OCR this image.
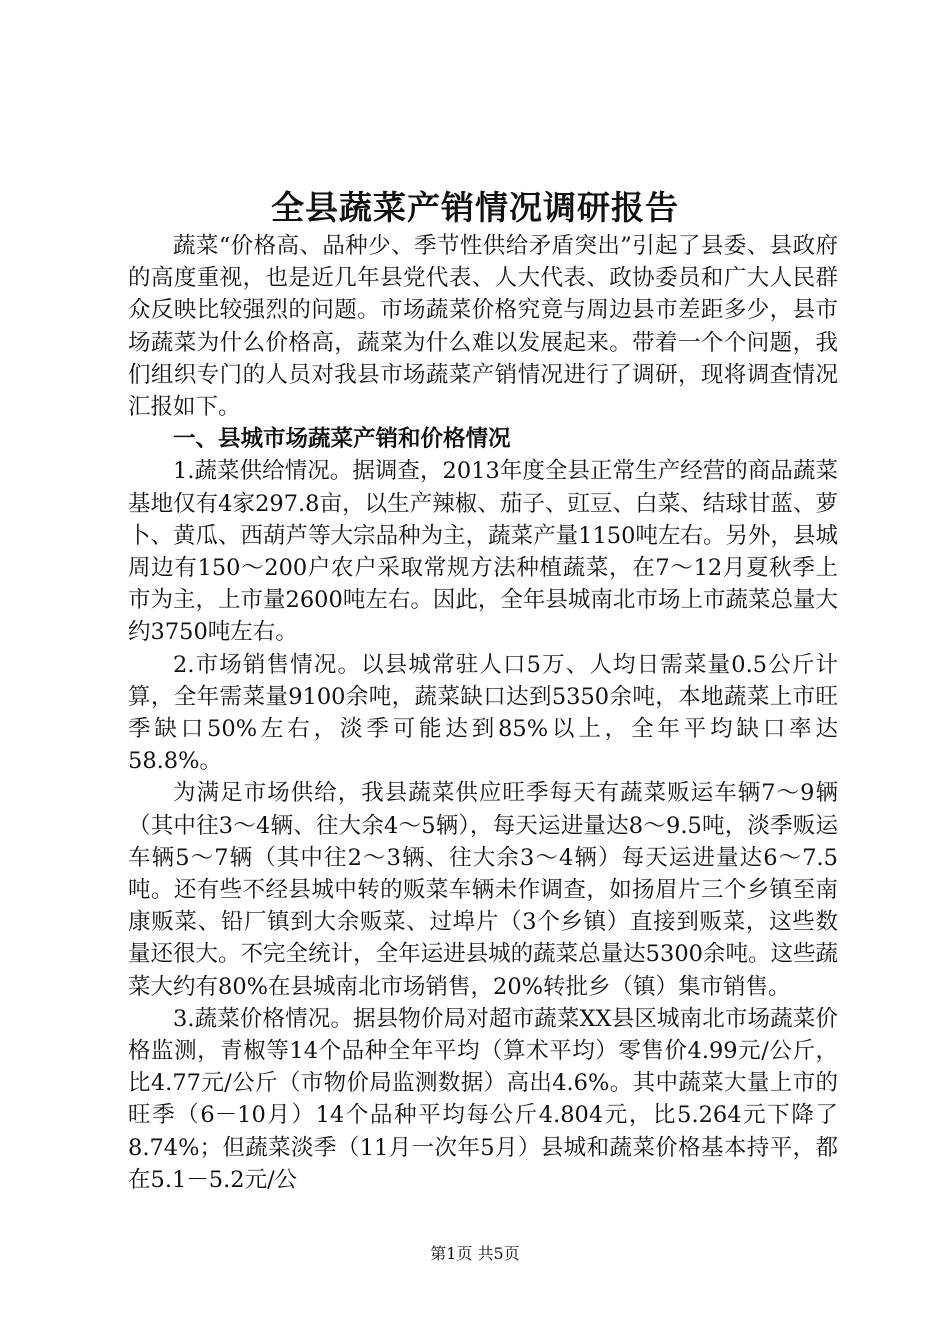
全县蔬菜产销情况调研报告

蔬菜“价格高、品种少、季节性供给矛盾突出”引起了县委、县政府的高度重视，也是近几年县党代表、人大代表、政协委员和广大人民群众反映比较强烈的问题。市场蔬菜价格究竟与周边县市差距多少，县市场蔬菜为什么价格高，蔬菜为什么难以发展起来。带着一个个问题，我们组织专门的人员对我县市场蔬菜产销情况进行了调研，现将调查情况汇报如下。

一、县城市场蔬菜产销和价格情况

1.蔬菜供给情况。据调查，2013年度全县正常生产经营的商品蔬菜基地仅有4家297.8亩，以生产辣椒、茄子、豇豆、白菜、结球甘蓝、萝卜、黄瓜、西葫芦等大宗品种为主，蔬菜产量1150吨左右。另外，县城周边有150～200户农户采取常规方法种植蔬菜，在7～12月夏秋季上市为主，上市量2600吨左右。因此，全年县城南北市场上市蔬菜总量大约3750吨左右。

2.市场销售情况。以县城常驻人口5万、人均日需菜量0.5公斤计算，全年需菜量9100余吨，蔬菜缺口达到5350余吨，本地蔬菜上市旺季缺口50%左右，淡季可能达到85%以上，全年平均缺口率达58.8%。

为满足市场供给，我县蔬菜供应旺季每天有蔬菜贩运车辆7～9辆（其中往3～4辆、往大余4～5辆），每天运进量达8～9.5吨，淡季贩运车辆5～7辆（其中往2～3辆、往大余3～4辆）每天运进量达6～7.5吨。还有些不经县城中转的贩菜车辆未作调查，如扬眉片三个乡镇至南康贩菜、铅厂镇到大余贩菜、过埠片（3个乡镇）直接到贩菜，这些数量还很大。不完全统计，全年运进县城的蔬菜总量达5300余吨。这些蔬菜大约有80%在县城南北市场销售，20%转批乡（镇）集市销售。

3.蔬菜价格情况。据县物价局对超市蔬菜XX县区城南北市场蔬菜价格监测，青椒等14个品种全年平均（算术平均）零售价4.99元/公斤，比4.77元/公斤（市物价局监测数据）高出4.6%。其中蔬菜大量上市的旺季（6－10月）14个品种平均每公斤4.804元，比5.264元下降了8.74%；但蔬菜淡季（11月一次年5月）县城和蔬菜价格基本持平，都在5.1－5.2元/公

第1页 共5页
